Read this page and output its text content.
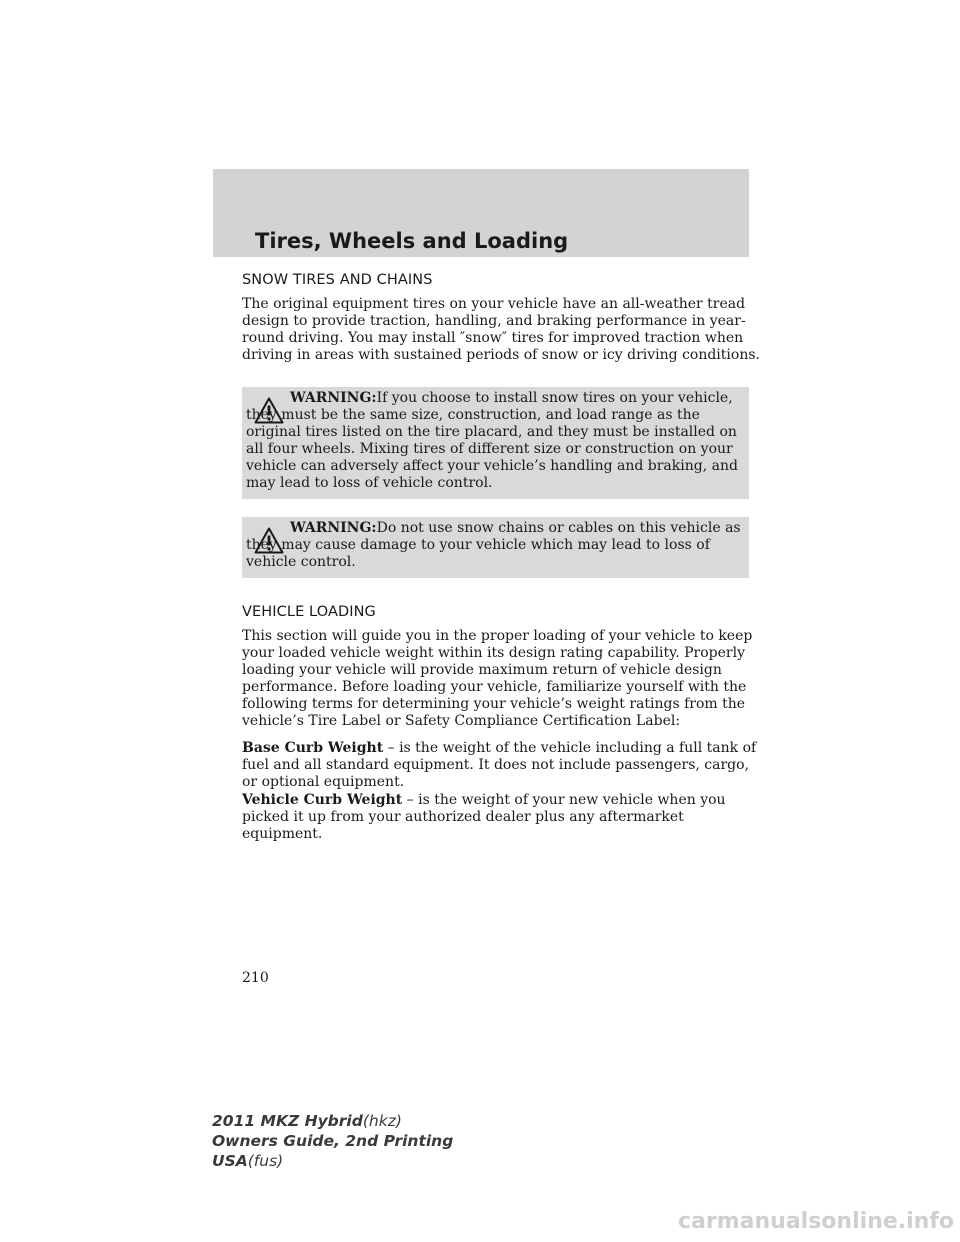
Tires, Wheels and Loading
SNOW TIRES AND CHAINS
The original equipment tires on your vehicle have an all-weather tread design to provide traction, handling, and braking performance in year-round driving. You may install ″snow″ tires for improved traction when driving in areas with sustained periods of snow or icy driving conditions.
WARNING:If you choose to install snow tires on your vehicle, they must be the same size, construction, and load range as the original tires listed on the tire placard, and they must be installed on all four wheels. Mixing tires of different size or construction on your vehicle can adversely affect your vehicle’s handling and braking, and may lead to loss of vehicle control.
WARNING:Do not use snow chains or cables on this vehicle as they may cause damage to your vehicle which may lead to loss of vehicle control.
VEHICLE LOADING
This section will guide you in the proper loading of your vehicle to keep your loaded vehicle weight within its design rating capability. Properly loading your vehicle will provide maximum return of vehicle design performance. Before loading your vehicle, familiarize yourself with the following terms for determining your vehicle’s weight ratings from the vehicle’s Tire Label or Safety Compliance Certification Label:
Base Curb Weight – is the weight of the vehicle including a full tank of fuel and all standard equipment. It does not include passengers, cargo, or optional equipment.
Vehicle Curb Weight – is the weight of your new vehicle when you picked it up from your authorized dealer plus any aftermarket equipment.
210
2011 MKZ Hybrid(hkz)
Owners Guide, 2nd Printing
USA(fus)
carmanualsonline.info
